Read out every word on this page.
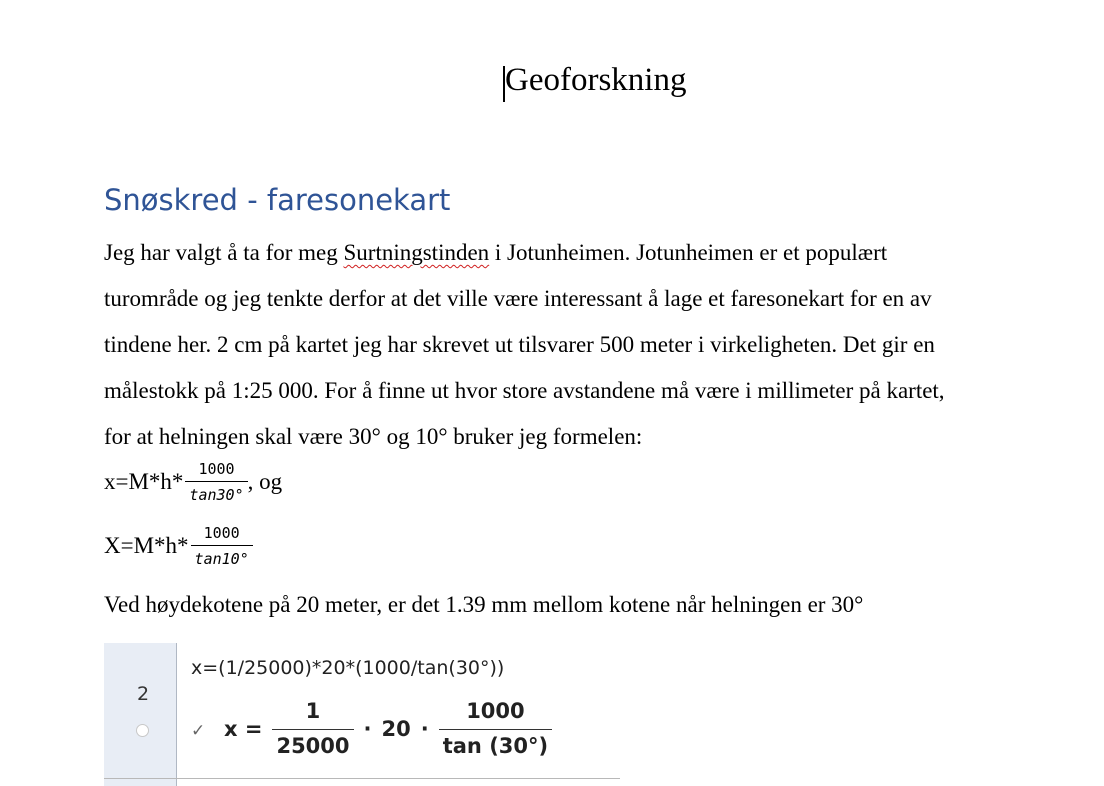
Geoforskning
Snøskred - faresonekart

Jeg har valgt å ta for meg Surtningstinden i Jotunheimen. Jotunheimen er et populært

turområde og jeg tenkte derfor at det ville være interessant å lage et faresonekart for en av

tindene her. 2 cm på kartet jeg har skrevet ut tilsvarer 500 meter i virkeligheten. Det gir en

målestokk på 1:25 000. For å finne ut hvor store avstandene må være i millimeter på kartet,

for at helningen skal være 30° og 10° bruker jeg formelen:

$x=M*h* \frac{1000}{\tan 30^\circ}$ , og
$X=M*h* \frac{1000}{\tan 10^\circ}$
Ved høydekotene på 20 meter, er det 1.39 mm mellom kotene når helningen er 30°
2
x=(1/25000)*20*(1000/tan(30°))
✓ $x = \frac{1}{25000} \cdot 20 \cdot \frac{1000}{\tan (30^\circ)}$
